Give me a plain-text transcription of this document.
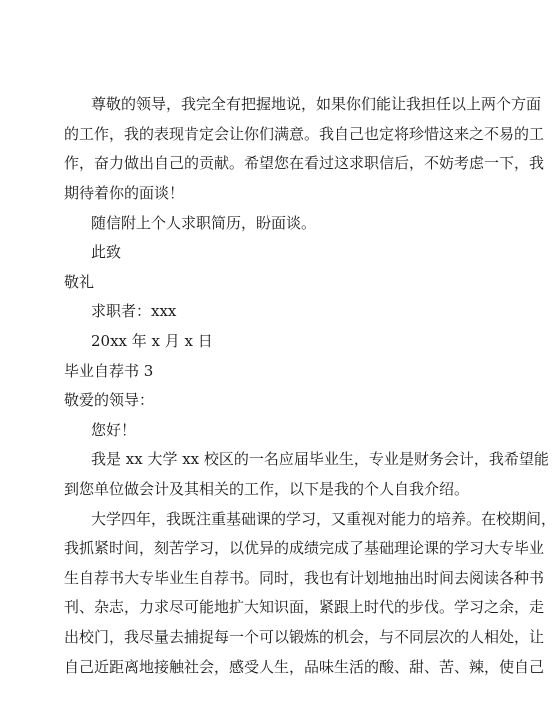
尊敬的领导，我完全有把握地说，如果你们能让我担任以上两个方面
的工作，我的表现肯定会让你们满意。我自己也定将珍惜这来之不易的工
作，奋力做出自己的贡献。希望您在看过这求职信后，不妨考虑一下，我
期待着你的面谈！
随信附上个人求职简历，盼面谈。
此致
敬礼
求职者：xxx
20xx 年 x 月 x 日
毕业自荐书 3
敬爱的领导：
您好！
我是 xx 大学 xx 校区的一名应届毕业生，专业是财务会计，我希望能
到您单位做会计及其相关的工作，以下是我的个人自我介绍。
大学四年，我既注重基础课的学习，又重视对能力的培养。在校期间，
我抓紧时间，刻苦学习，以优异的成绩完成了基础理论课的学习大专毕业
生自荐书大专毕业生自荐书。同时，我也有计划地抽出时间去阅读各种书
刊、杂志，力求尽可能地扩大知识面，紧跟上时代的步伐。学习之余，走
出校门，我尽量去捕捉每一个可以锻炼的机会，与不同层次的人相处，让
自己近距离地接触社会，感受人生，品味生活的酸、甜、苦、辣，使自己
